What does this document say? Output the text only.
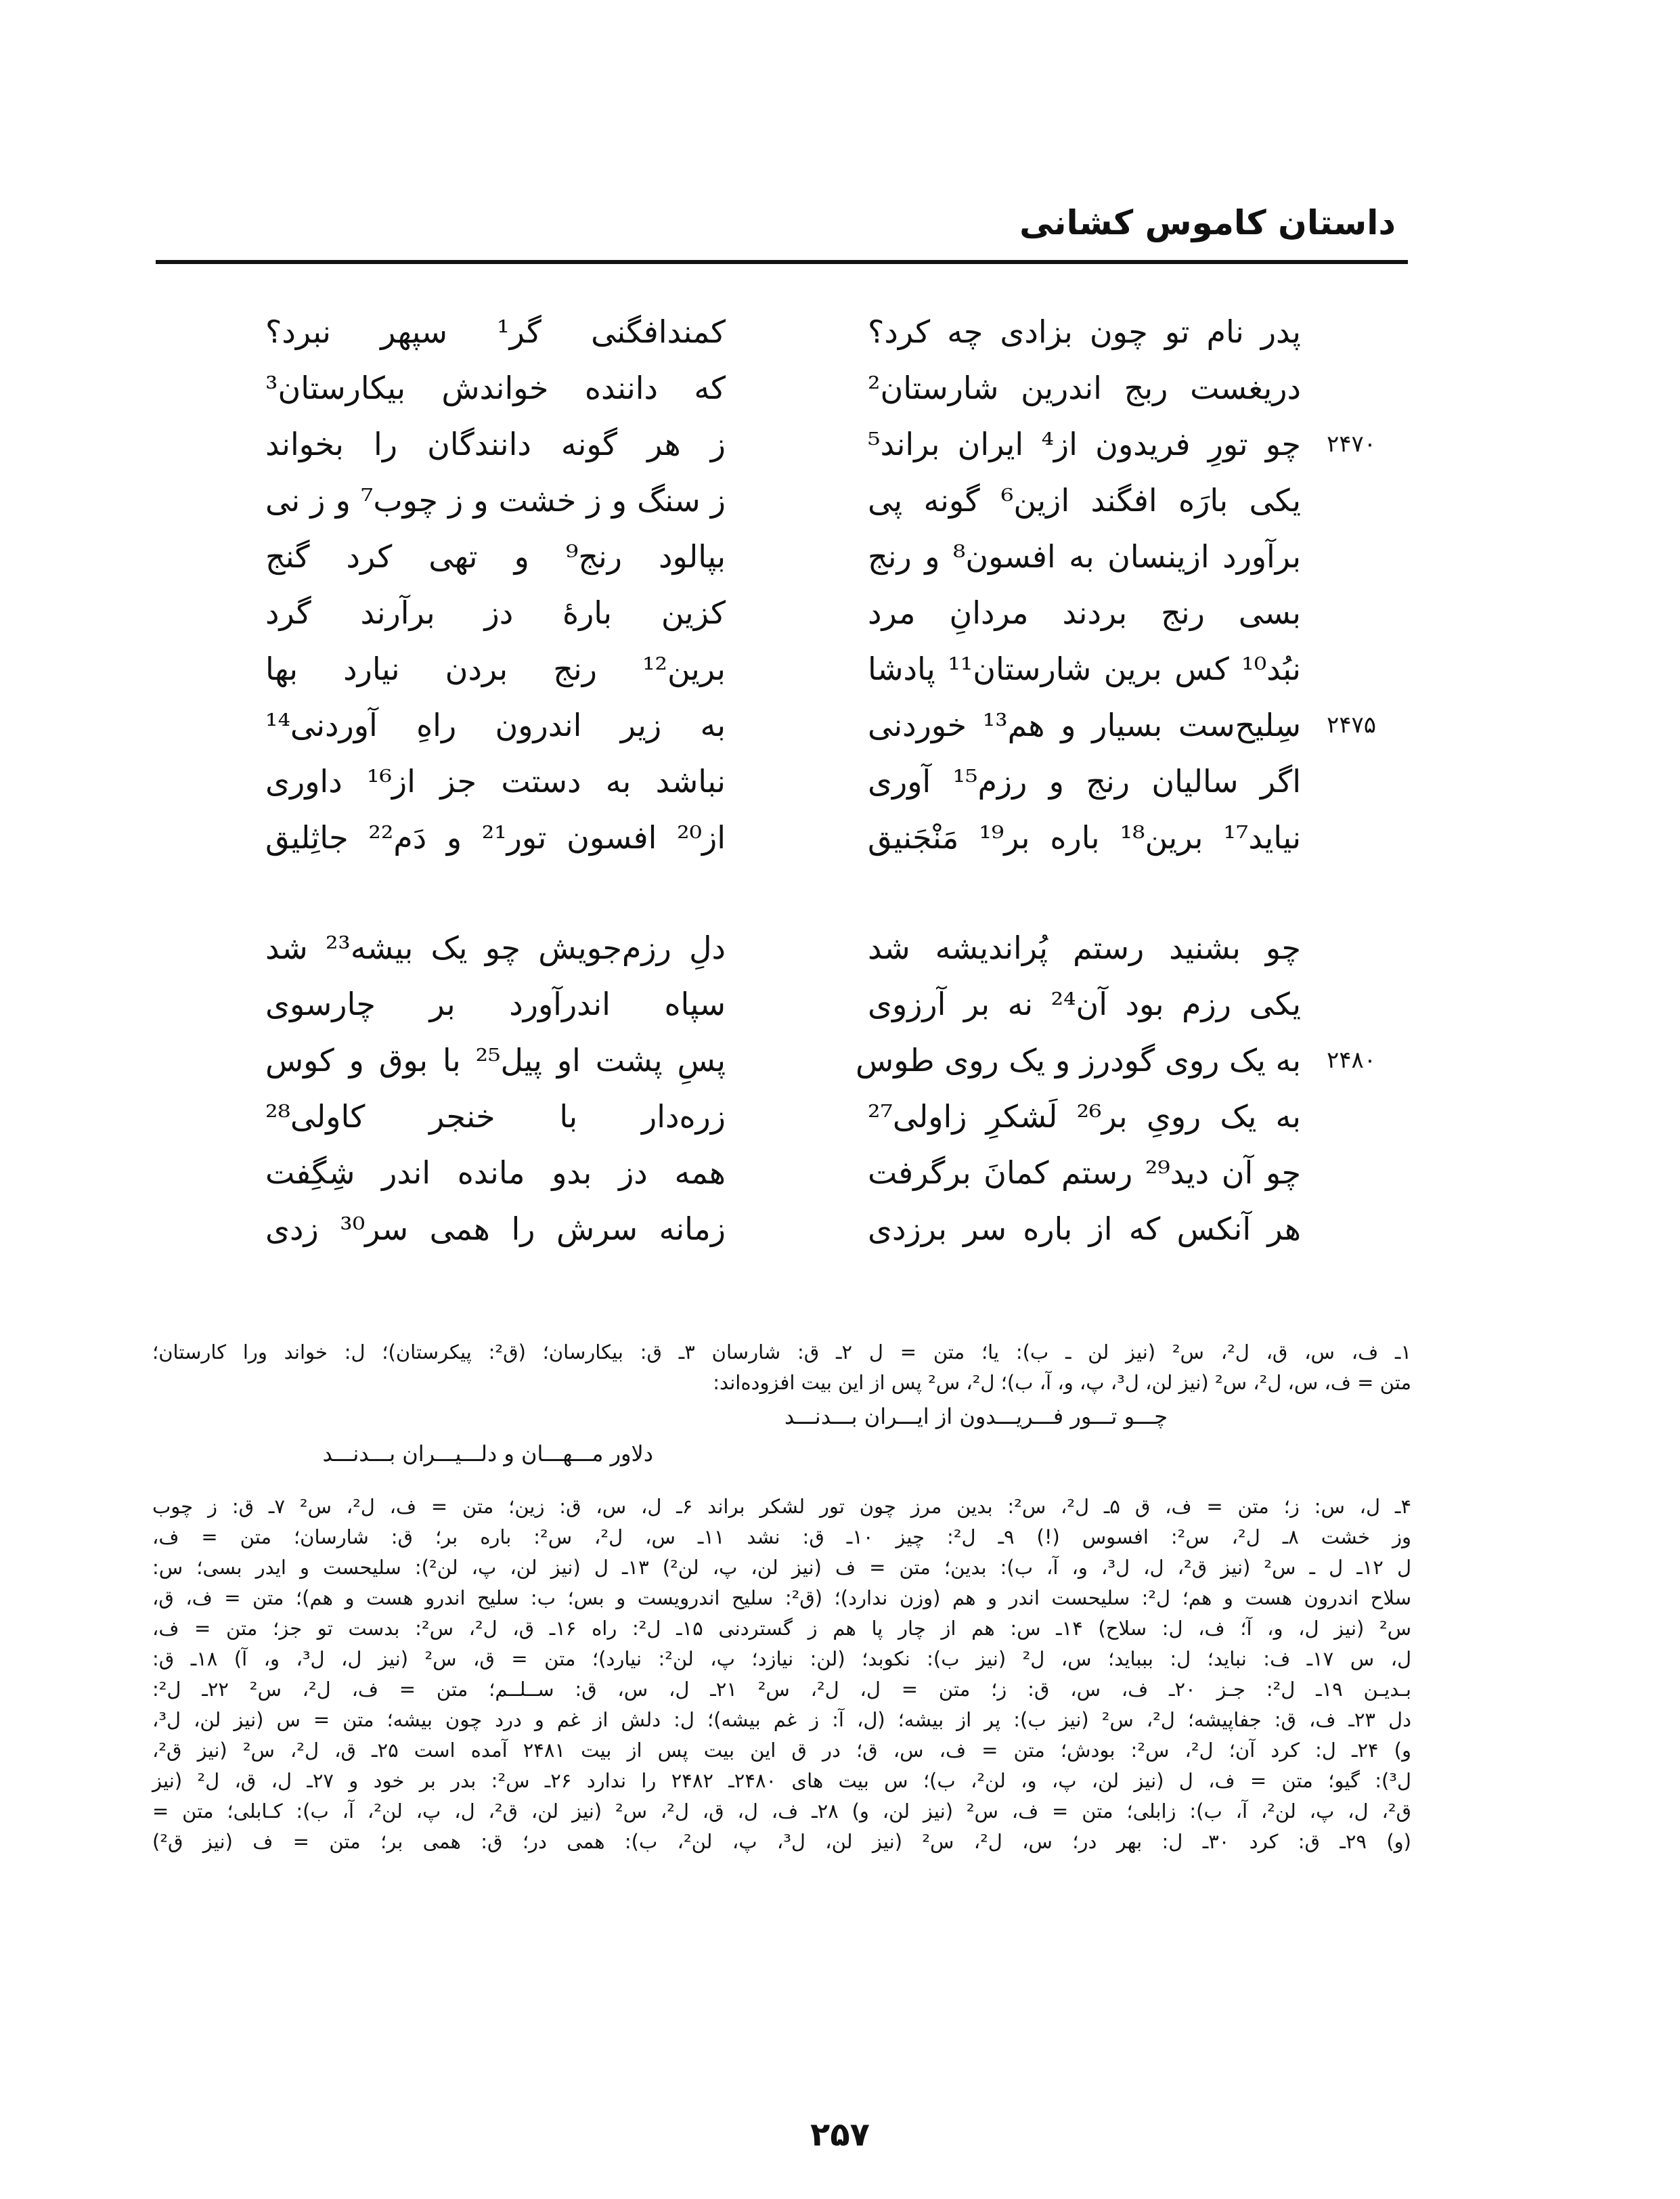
داستان کاموس کشانی
پدر نام تو چون بزادی چه کرد؟
کمندافگنی گر¹ سپهر نبرد؟
دریغست ربج اندرین شارستان²
که داننده خواندش بیکارستان³
۲۴۷۰
چو تورِ فریدون از⁴ ایران براند⁵
ز هر گونه دانندگان را بخواند
یکی بارَه افگند ازین⁶ گونه پی
ز سنگ و ز خشت و ز چوب⁷ و ز نی
برآورد ازینسان به افسون⁸ و رنج
بپالود رنج⁹ و تهی کرد گنج
بسی رنج بردند مردانِ مرد
کزین بارهٔ دز برآرند گرد
نبُد¹⁰ کس برین شارستان¹¹ پادشا
برین¹² رنج بردن نیارد بها
۲۴۷۵
سِلیح‌ست بسیار و هم¹³ خوردنی
به زیر اندرون راهِ آوردنی¹⁴
اگر سالیان رنج و رزم¹⁵ آوری
نباشد به دستت جز از¹⁶ داوری
نیاید¹⁷ برین¹⁸ باره بر¹⁹ مَنْجَنیق
از²⁰ افسون تور²¹ و دَم²² جاثِلیق
چو بشنید رستم پُراندیشه شد
دلِ رزم‌جویش چو یک بیشه²³ شد
یکی رزم بود آن²⁴ نه بر آرزوی
سپاه اندرآورد بر چارسوی
۲۴۸۰
به یک روی گودرز و یک روی طوس
پسِ پشت او پیل²⁵ با بوق و کوس
به یک رویِ بر²⁶ لَشکرِ زاولی²⁷
زره‌دار با خنجر کاولی²⁸
چو آن دید²⁹ رستم کمانَ برگرفت
همه دز بدو مانده اندر شِگِفت
هر آنکس که از باره سر برزدی
زمانه سرش را همی سر³⁰ زدی
۱ـ ف، س، ق، ل²، س² (نیز لن ـ ب): یا؛ متن = ل ۲ـ ق: شارسان ۳ـ ق: بیکارسان؛ (ق²: پیکرستان)؛ ل: خواند ورا کارستان؛
متن = ف، س، ل²، س² (نیز لن، ل³، پ، و، آ، ب)؛ ل²، س² پس از این بیت افزوده‌اند:
چـــو تـــور فـــریـــدون از ایـــران بـــدنـــد
دلاور مـــهـــان و دلـــیـــران بـــدنـــد
۴ـ ل، س: ز؛ متن = ف، ق ۵ـ ل²، س²: بدین مرز چون تور لشکر براند ۶ـ ل، س، ق: زین؛ متن = ف، ل²، س² ۷ـ ق: ز چوب
وز خشت ۸ـ ل²، س²: افسوس (!) ۹ـ ل²: چیز ۱۰ـ ق: نشد ۱۱ـ س، ل²، س²: باره بر؛ ق: شارسان؛ متن = ف،
ل ۱۲ـ ل ـ س² (نیز ق²، ل، ل³، و، آ، ب): بدین؛ متن = ف (نیز لن، پ، لن²) ۱۳ـ ل (نیز لن، پ، لن²): سلیحست و ایدر بسی؛ س:
سلاح اندرون هست و هم؛ ل²: سلیحست اندر و هم (وزن ندارد)؛ (ق²: سلیح اندرویست و بس؛ ب: سلیح اندرو هست و هم)؛ متن = ف، ق،
س² (نیز ل، و، آ؛ ف، ل: سلاح) ۱۴ـ س: هم از چار پا هم ز گستردنی ۱۵ـ ل²: راه ۱۶ـ ق، ل²، س²: بدست تو جز؛ متن = ف،
ل، س ۱۷ـ ف: نباید؛ ل: ببباید؛ س، ل² (نیز ب): نکوبد؛ (لن: نیازد؛ پ، لن²: نیارد)؛ متن = ق، س² (نیز ل، ل³، و، آ) ۱۸ـ ق:
بـدیـن ۱۹ـ ل²: جـز ۲۰ـ ف، س، ق: ز؛ متن = ل، ل²، س² ۲۱ـ ل، س، ق: ســلــم؛ متن = ف، ل²، س² ۲۲ـ ل²:
دل ۲۳ـ ف، ق: جفاپیشه؛ ل²، س² (نیز ب): پر از بیشه؛ (ل، آ: ز غم بیشه)؛ ل: دلش از غم و درد چون بیشه؛ متن = س (نیز لن، ل³،
و) ۲۴ـ ل: کرد آن؛ ل²، س²: بودش؛ متن = ف، س، ق؛ در ق این بیت پس از بیت ۲۴۸۱ آمده است ۲۵ـ ق، ل²، س² (نیز ق²،
ل³): گیو؛ متن = ف، ل (نیز لن، پ، و، لن²، ب)؛ س بیت های ۲۴۸۰ـ ۲۴۸۲ را ندارد ۲۶ـ س²: بدر بر خود و ۲۷ـ ل، ق، ل² (نیز
ق²، ل، پ، لن²، آ، ب): زابلی؛ متن = ف، س² (نیز لن، و) ۲۸ـ ف، ل، ق، ل²، س² (نیز لن، ق²، ل، پ، لن²، آ، ب): کـابلی؛ متن =
(و) ۲۹ـ ق: کرد ۳۰ـ ل: بهر در؛ س، ل²، س² (نیز لن، ل³، پ، لن²، ب): همی در؛ ق: همی بر؛ متن = ف (نیز ق²)
۲۵۷
